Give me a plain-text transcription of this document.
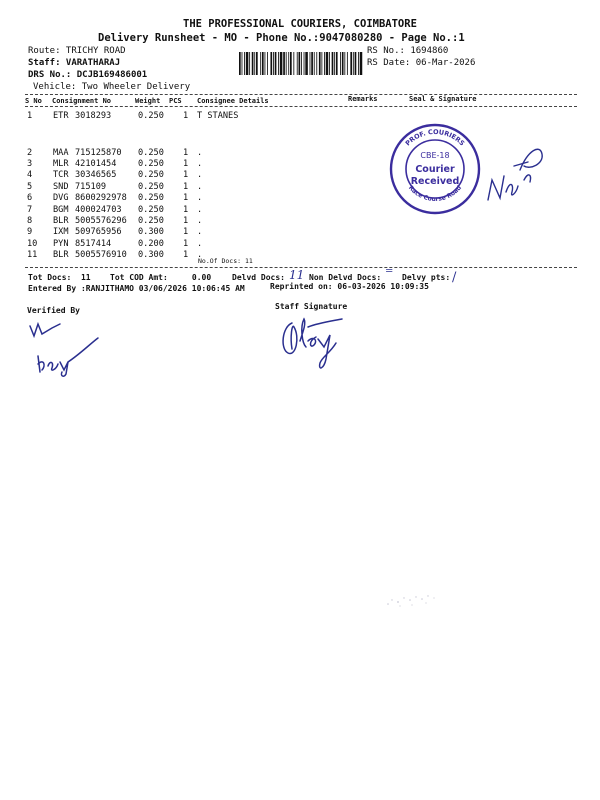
THE PROFESSIONAL COURIERS, COIMBATORE
Delivery Runsheet - MO - Phone No.:9047080280 - Page No.:1
Route: TRICHY ROAD
Staff: VARATHARAJ
DRS No.: DCJB169486001
Vehicle: Two Wheeler Delivery
RS No.: 1694860
RS Date: 06-Mar-2026
S No Consignment No	Weight PCS Consignee Details	Remarks	Seal & Signature
1 ETR 3018293	0.250 1 T STANES
2 MAA 715125870 0.250 1 .
3 MLR 42101454	0.250 1 .
4 TCR 30346565	0.250 1 .
5 SND 715109	0.250 1 .
6 DVG 8600292978 0.250 1 .
7 BGM 400024703 0.250 1 .
8 BLR 5005576296 0.250 1 .
9 IXM 509765956 0.300 1 .
10 PYN 8517414	0.200 1 .
11 BLR 5005576910 0.300 1 .
No.Of Docs: 11
Tot Docs:  11 Tot COD Amt:     0.00	Delvd Docs:	Non Delvd Docs:	Delvy pts:
11	=	/
Entered By :RANJITHAMO 03/06/2026 10:06:45 AM	Reprinted on: 06-03-2026 10:09:35
Verified By	Staff Signature
PROF. COURIERS
Race Course Road
CBE-18
Courier
Received
